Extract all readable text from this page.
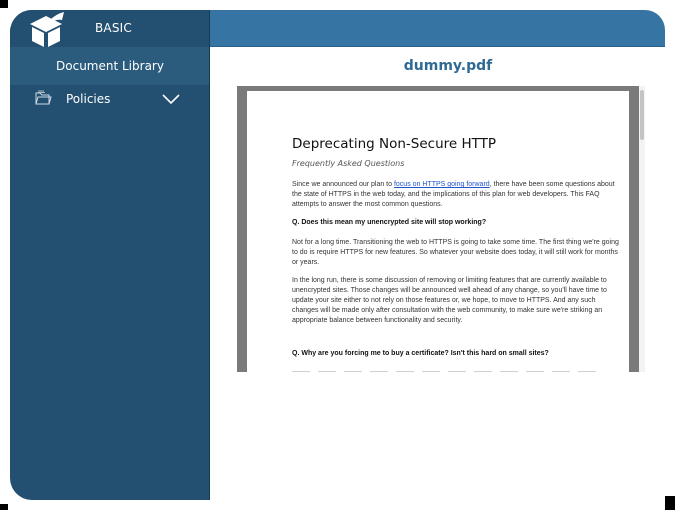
BASIC
Document Library
Policies
dummy.pdf
Deprecating Non-Secure HTTP
Frequently Asked Questions
Since we announced our plan to focus on HTTPS going forward, there have been some questions about the state of HTTPS in the web today, and the implications of this plan for web developers. This FAQ attempts to answer the most common questions.
Q. Does this mean my unencrypted site will stop working?
Not for a long time. Transitioning the web to HTTPS is going to take some time. The first thing we're going to do is require HTTPS for new features. So whatever your website does today, it will still work for months or years.
In the long run, there is some discussion of removing or limiting features that are currently available to unencrypted sites. Those changes will be announced well ahead of any change, so you'll have time to update your site either to not rely on those features or, we hope, to move to HTTPS. And any such changes will be made only after consultation with the web community, to make sure we're striking an appropriate balance between functionality and security.
Q. Why are you forcing me to buy a certificate? Isn't this hard on small sites?
